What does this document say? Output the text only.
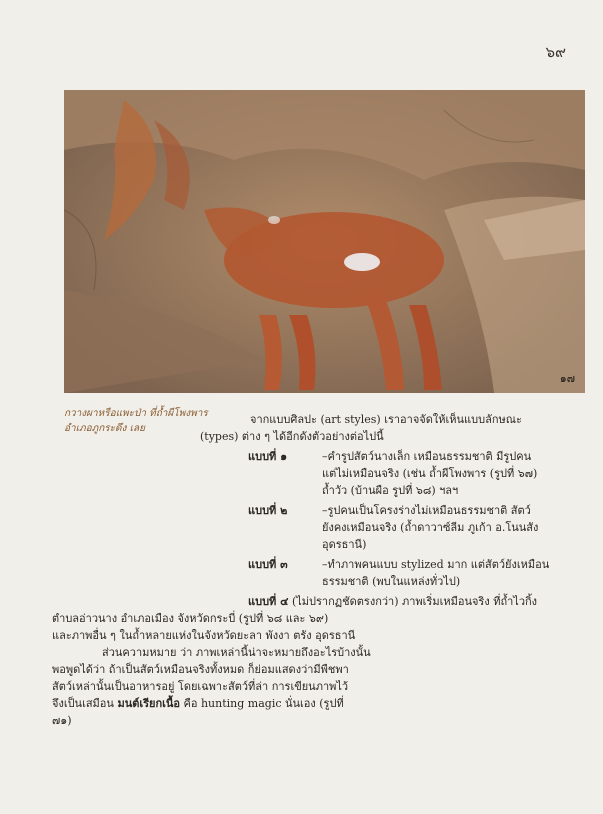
๖๙
๑๗
กวางผาหรือแพะป่า ที่ถ้ำผีโพงพาร
อำเภอภูกระดึง เลย

จากแบบศิลปะ (art styles) เราอาจจัดให้เห็นแบบลักษณะ

(types) ต่าง ๆ ได้อีกดังตัวอย่างต่อไปนี้

แบบที่ ๑	–คำรูปสัตว์นางเล็ก เหมือนธรรมชาติ มีรูปคน
แต่ไม่เหมือนจริง (เช่น ถ้ำผีโพงพาร (รูปที่ ๖๗)
ถ้ำวัว (บ้านผือ รูปที่ ๖๘) ฯลฯ
แบบที่ ๒	–รูปคนเป็นโครงร่างไม่เหมือนธรรมชาติ สัตว์
ยังคงเหมือนจริง (ถ้ำดาวาซ์ลีม ภูเก้า อ.โนนสัง
อุดรธานี)
แบบที่ ๓	–ทำภาพคนแบบ stylized มาก แต่สัตว์ยังเหมือน
ธรรมชาติ (พบในแหล่งทั่วไป)
แบบที่ ๔ (ไม่ปรากฏชัดตรงกว่า) ภาพเริ่มเหมือนจริง ที่ถ้ำไวกิ้ง
ตำบลอ่าวนาง อำเภอเมือง จังหวัดกระบี่ (รูปที่ ๖๘ และ ๖๙)
และภาพอื่น ๆ ในถ้ำหลายแห่งในจังหวัดยะลา พังงา ตรัง อุดรธานี
ส่วนความหมาย ว่า ภาพเหล่านี้น่าจะหมายถึงอะไรบ้างนั้น
พอพูดได้ว่า ถ้าเป็นสัตว์เหมือนจริงทั้งหมด ก็ย่อมแสดงว่ามีพืชพา
สัตว์เหล่านั้นเป็นอาหารอยู่ โดยเฉพาะสัตว์ที่ล่า การเขียนภาพไว้
จึงเป็นเสมือน มนต์เรียกเนื้อ คือ hunting magic นั่นเอง (รูปที่
๗๑)
